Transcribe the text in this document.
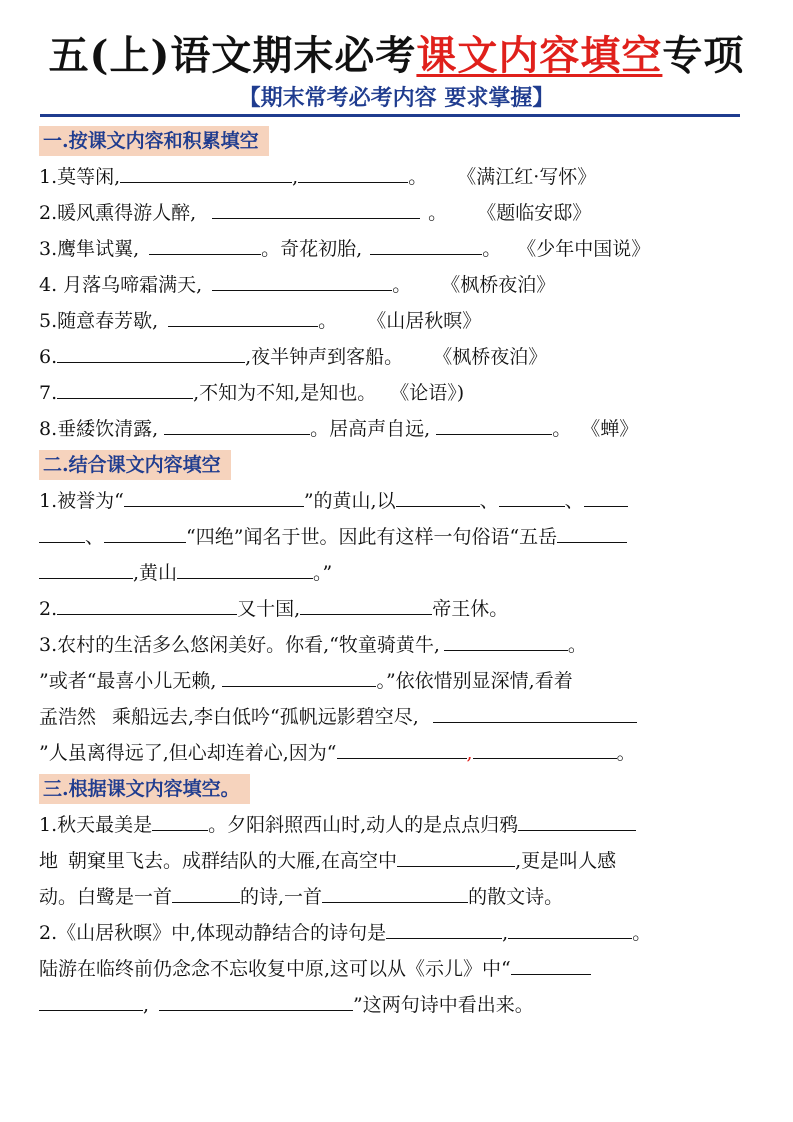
五(上)语文期末必考课文内容填空专项
【期末常考必考内容 要求掌握】
一.按课文内容和积累填空
1.莫等闲,	,	。 《满江红·写怀》
2.暖风熏得游人醉,	。 《题临安邸》
3.鹰隼试翼,	。奇花初胎,	。 《少年中国说》
4. 月落乌啼霜满天,	。 《枫桥夜泊》
5.随意春芳歇,	。 《山居秋暝》
6.	,夜半钟声到客船。 《枫桥夜泊》
7.	,不知为不知,是知也。 《论语》)
8.垂緌饮清露,	。居高声自远,	。 《蝉》
二.结合课文内容填空
1.被誉为“	”的黄山,以	、	、
、	“四绝”闻名于世。因此有这样一句俗语“五岳
,黄山	。”
2.	又十国,	帝王休。
3.农村的生活多么悠闲美好。你看,“牧童骑黄牛,	。
”或者“最喜小儿无赖,	。”依依惜别显深情,看着
孟浩然 乘船远去,李白低吟“孤帆远影碧空尽,
”人虽离得远了,但心却连着心,因为“	,	。
三.根据课文内容填空。
1.秋天最美是	。夕阳斜照西山时,动人的是点点归鸦
地 朝窠里飞去。成群结队的大雁,在高空中	,更是叫人感
动。白鹭是一首	的诗,一首	的散文诗。
2.《山居秋暝》中,体现动静结合的诗句是	,	。
陆游在临终前仍念念不忘收复中原,这可以从《示儿》中“
,	”这两句诗中看出来。
